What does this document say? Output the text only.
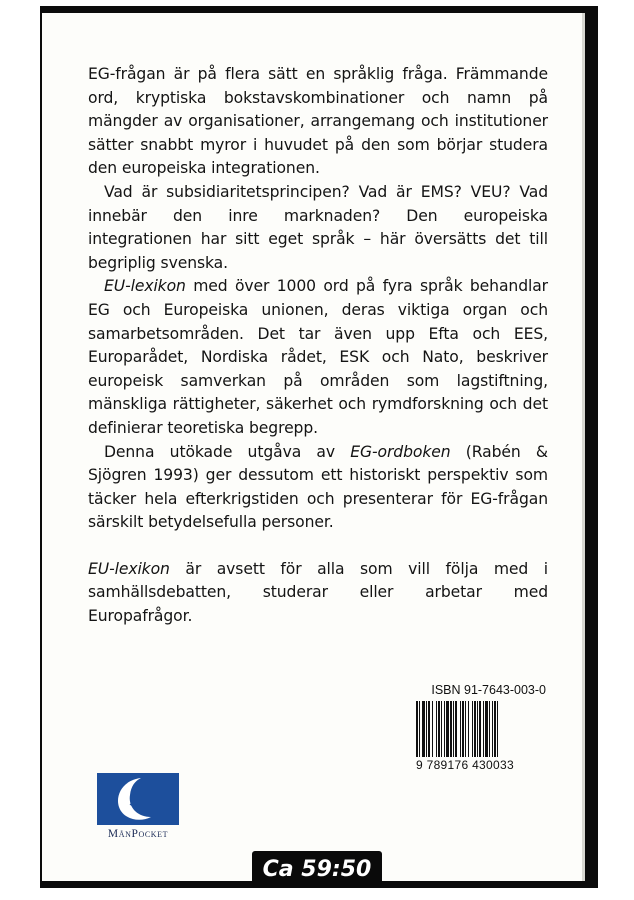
EG-frågan är på flera sätt en språklig fråga. Främmande ord, kryptiska bokstavskombinationer och namn på mängder av organisationer, arrangemang och institutioner sätter snabbt myror i huvudet på den som börjar studera den europeiska integrationen.

Vad är subsidiaritetsprincipen? Vad är EMS? VEU? Vad innebär den inre marknaden? Den europeiska integrationen har sitt eget språk – här översätts det till begriplig svenska.

EU-lexikon med över 1000 ord på fyra språk behandlar EG och Europeiska unionen, deras viktiga organ och samarbetsområden. Det tar även upp Efta och EES, Europarådet, Nordiska rådet, ESK och Nato, beskriver europeisk samverkan på områden som lagstiftning, mänskliga rättigheter, säkerhet och rymdforskning och det definierar teoretiska begrepp.

Denna utökade utgåva av EG-ordboken (Rabén & Sjögren 1993) ger dessutom ett historiskt perspektiv som täcker hela efterkrigstiden och presenterar för EG-frågan särskilt betydelsefulla personer.

EU-lexikon är avsett för alla som vill följa med i samhällsdebatten, studerar eller arbetar med Europafrågor.

ISBN 91-7643-003-0
9 789176 430033
MånPocket
Ca 59:50
